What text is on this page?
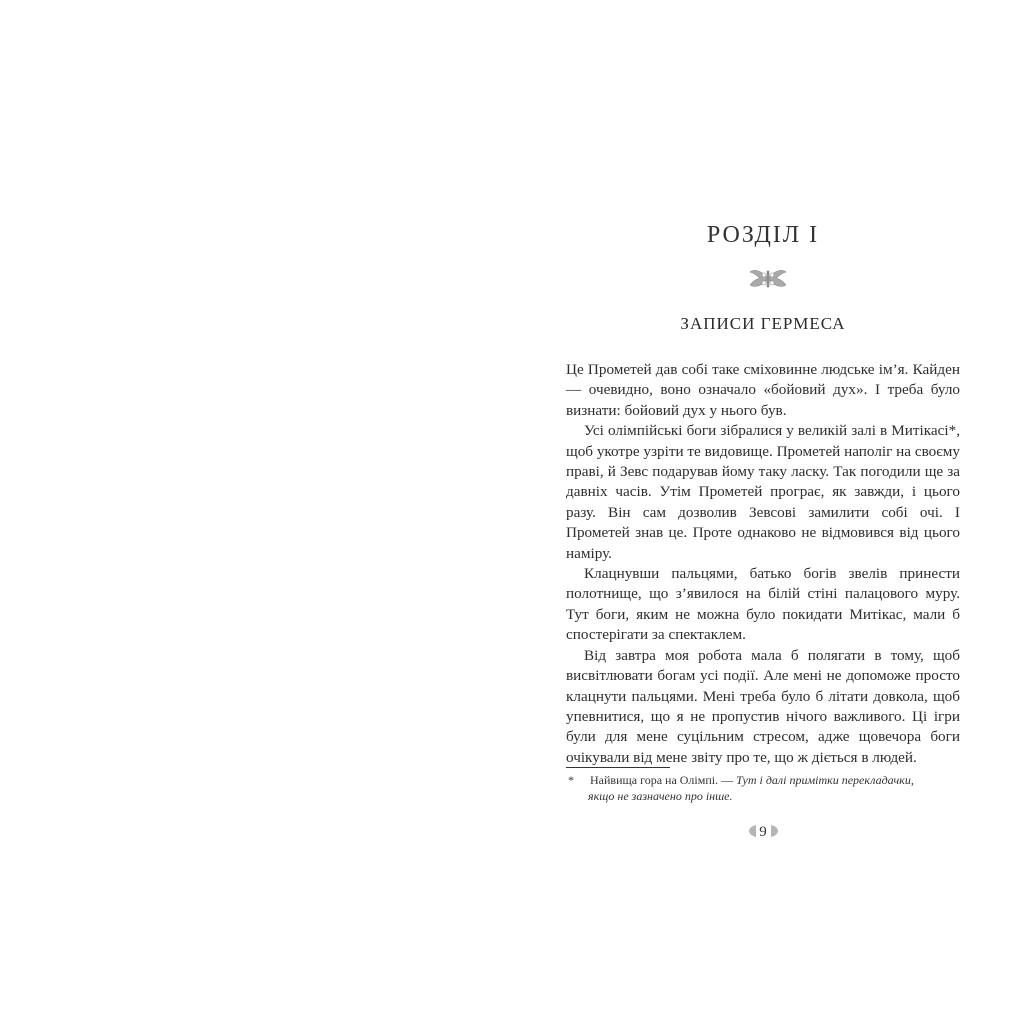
РОЗДІЛ I
ЗАПИСИ ГЕРМЕСА

Це Прометей дав собі таке сміховинне людське ім’я. Кайден — очевидно, воно означало «бойовий дух». І треба було визнати: бойовий дух у нього був.

Усі олімпійські боги зібралися у великій залі в Митікасі*, щоб укотре узріти те видовище. Прометей наполіг на своєму праві, й Зевс подарував йому таку ласку. Так погодили ще за давніх часів. Утім Прометей програє, як завжди, і цього разу. Він сам дозволив Зевсові замилити собі очі. І Прометей знав це. Проте однаково не відмовився від цього наміру.

Клацнувши пальцями, батько богів звелів принести полотнище, що з’явилося на білій стіні палацового муру. Тут боги, яким не можна було покидати Митікас, мали б спостерігати за спектаклем.

Від завтра моя робота мала б полягати в тому, щоб висвітлювати богам усі події. Але мені не допоможе просто клацнути пальцями. Мені треба було б літати довкола, щоб упевнитися, що я не пропустив нічого важливого. Ці ігри були для мене суцільним стресом, адже щовечора боги очікували від мене звіту про те, що ж діється в людей.

* Найвища гора на Олімпі. — Тут і далі примітки перекладачки,
якщо не зазначено про інше.
9
